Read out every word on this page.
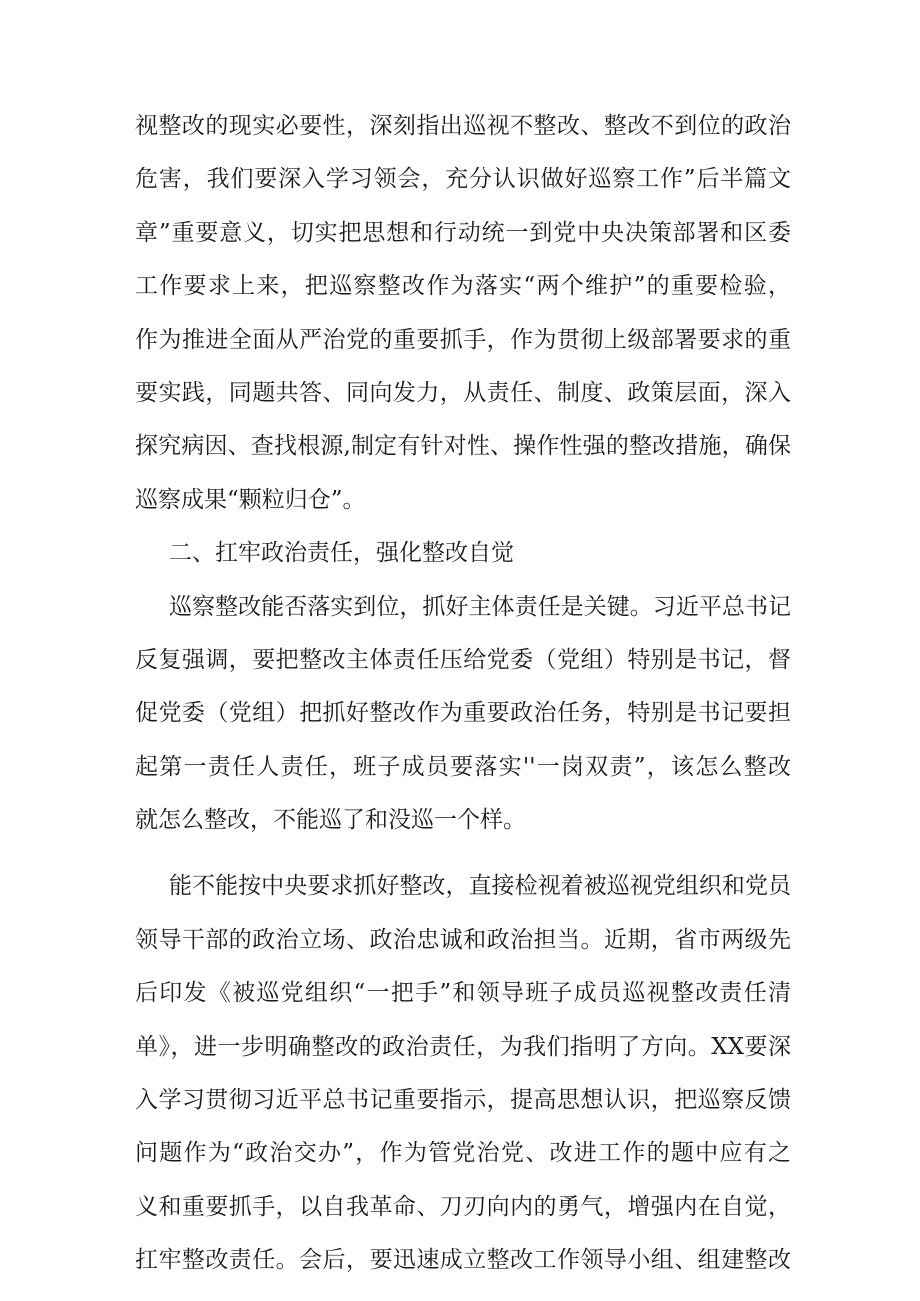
视整改的现实必要性，深刻指出巡视不整改、整改不到位的政治
危害，我们要深入学习领会，充分认识做好巡察工作”后半篇文
章”重要意义，切实把思想和行动统一到党中央决策部署和区委
工作要求上来，把巡察整改作为落实“两个维护”的重要检验，
作为推进全面从严治党的重要抓手，作为贯彻上级部署要求的重
要实践，同题共答、同向发力，从责任、制度、政策层面，深入
探究病因、查找根源,制定有针对性、操作性强的整改措施，确保
巡察成果“颗粒归仓”。
二、扛牢政治责任，强化整改自觉
巡察整改能否落实到位，抓好主体责任是关键。习近平总书记
反复强调，要把整改主体责任压给党委（党组）特别是书记，督
促党委（党组）把抓好整改作为重要政治任务，特别是书记要担
起第一责任人责任，班子成员要落实''一岗双责”，该怎么整改
就怎么整改，不能巡了和没巡一个样。
能不能按中央要求抓好整改，直接检视着被巡视党组织和党员
领导干部的政治立场、政治忠诚和政治担当。近期，省市两级先
后印发《被巡党组织“一把手”和领导班子成员巡视整改责任清
单》，进一步明确整改的政治责任，为我们指明了方向。XX要深
入学习贯彻习近平总书记重要指示，提高思想认识，把巡察反馈
问题作为“政治交办”，作为管党治党、改进工作的题中应有之
义和重要抓手，以自我革命、刀刃向内的勇气，增强内在自觉，
扛牢整改责任。会后，要迅速成立整改工作领导小组、组建整改
